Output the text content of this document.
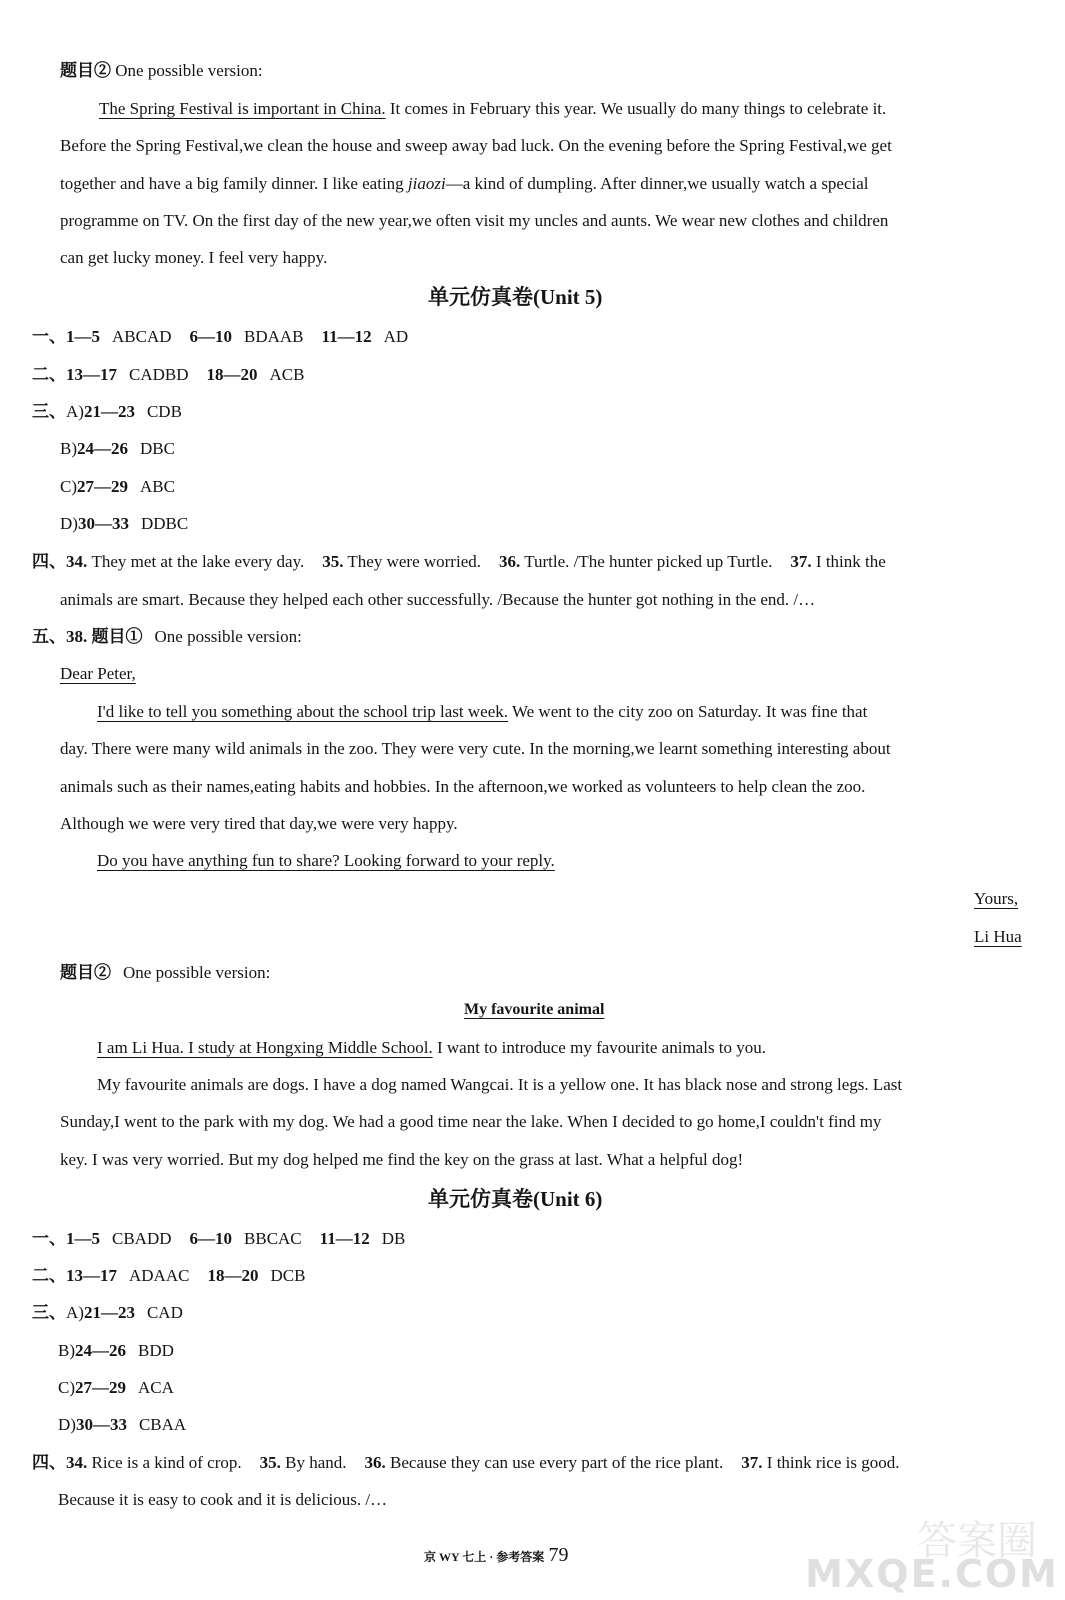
题目② One possible version:
The Spring Festival is important in China. It comes in February this year. We usually do many things to celebrate it.
Before the Spring Festival,we clean the house and sweep away bad luck. On the evening before the Spring Festival,we get
together and have a big family dinner. I like eating jiaozi—a kind of dumpling. After dinner,we usually watch a special
programme on TV. On the first day of the new year,we often visit my uncles and aunts. We wear new clothes and children
can get lucky money. I feel very happy.
单元仿真卷(Unit 5)
一、1—5 ABCAD 6—10 BDAAB 11—12 AD
二、13—17 CADBD 18—20 ACB
三、A)21—23 CDB
B)24—26 DBC
C)27—29 ABC
D)30—33 DDBC
四、34. They met at the lake every day. 35. They were worried. 36. Turtle. /The hunter picked up Turtle. 37. I think the
animals are smart. Because they helped each other successfully. /Because the hunter got nothing in the end. /…
五、38. 题目① One possible version:
Dear Peter,
I'd like to tell you something about the school trip last week. We went to the city zoo on Saturday. It was fine that
day. There were many wild animals in the zoo. They were very cute. In the morning,we learnt something interesting about
animals such as their names,eating habits and hobbies. In the afternoon,we worked as volunteers to help clean the zoo.
Although we were very tired that day,we were very happy.
Do you have anything fun to share? Looking forward to your reply.
Yours,
Li Hua
题目② One possible version:
My favourite animal
I am Li Hua. I study at Hongxing Middle School. I want to introduce my favourite animals to you.
My favourite animals are dogs. I have a dog named Wangcai. It is a yellow one. It has black nose and strong legs. Last
Sunday,I went to the park with my dog. We had a good time near the lake. When I decided to go home,I couldn't find my
key. I was very worried. But my dog helped me find the key on the grass at last. What a helpful dog!
单元仿真卷(Unit 6)
一、1—5 CBADD 6—10 BBCAC 11—12 DB
二、13—17 ADAAC 18—20 DCB
三、A)21—23 CAD
B)24—26 BDD
C)27—29 ACA
D)30—33 CBAA
四、34. Rice is a kind of crop. 35. By hand. 36. Because they can use every part of the rice plant. 37. I think rice is good.
Because it is easy to cook and it is delicious. /…
京 WY 七上 · 参考答案 79	答案圈
MXQE.COM
